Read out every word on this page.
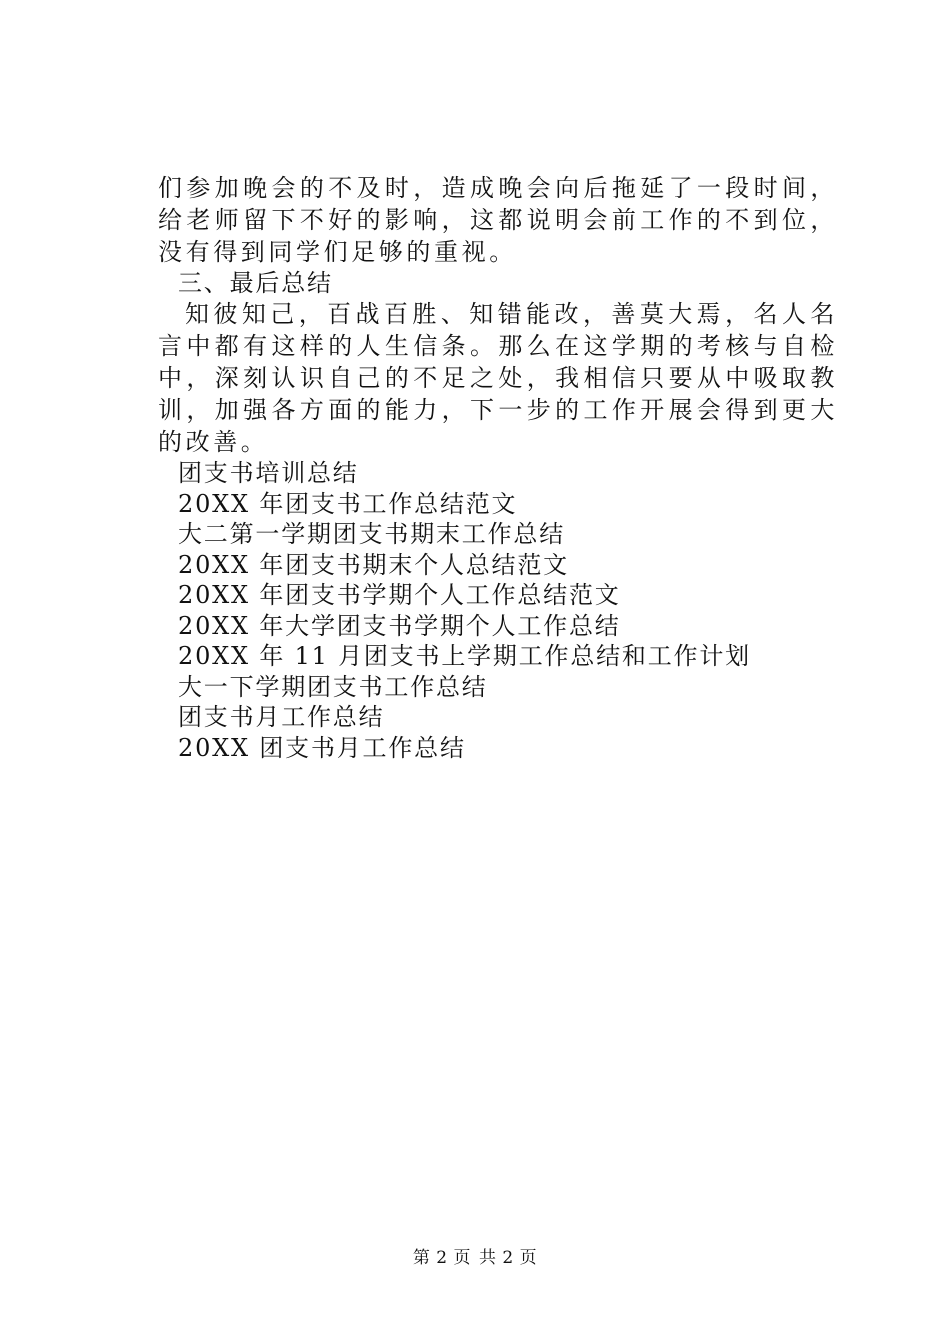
们参加晚会的不及时，造成晚会向后拖延了一段时间，给老师留下不好的影响，这都说明会前工作的不到位，没有得到同学们足够的重视。

三、最后总结

知彼知己，百战百胜、知错能改，善莫大焉，名人名言中都有这样的人生信条。那么在这学期的考核与自检中，深刻认识自己的不足之处，我相信只要从中吸取教训，加强各方面的能力，下一步的工作开展会得到更大的改善。

团支书培训总结

20XX 年团支书工作总结范文

大二第一学期团支书期末工作总结

20XX 年团支书期末个人总结范文

20XX 年团支书学期个人工作总结范文

20XX 年大学团支书学期个人工作总结

20XX 年 11 月团支书上学期工作总结和工作计划

大一下学期团支书工作总结

团支书月工作总结

20XX 团支书月工作总结

第 2 页 共 2 页
